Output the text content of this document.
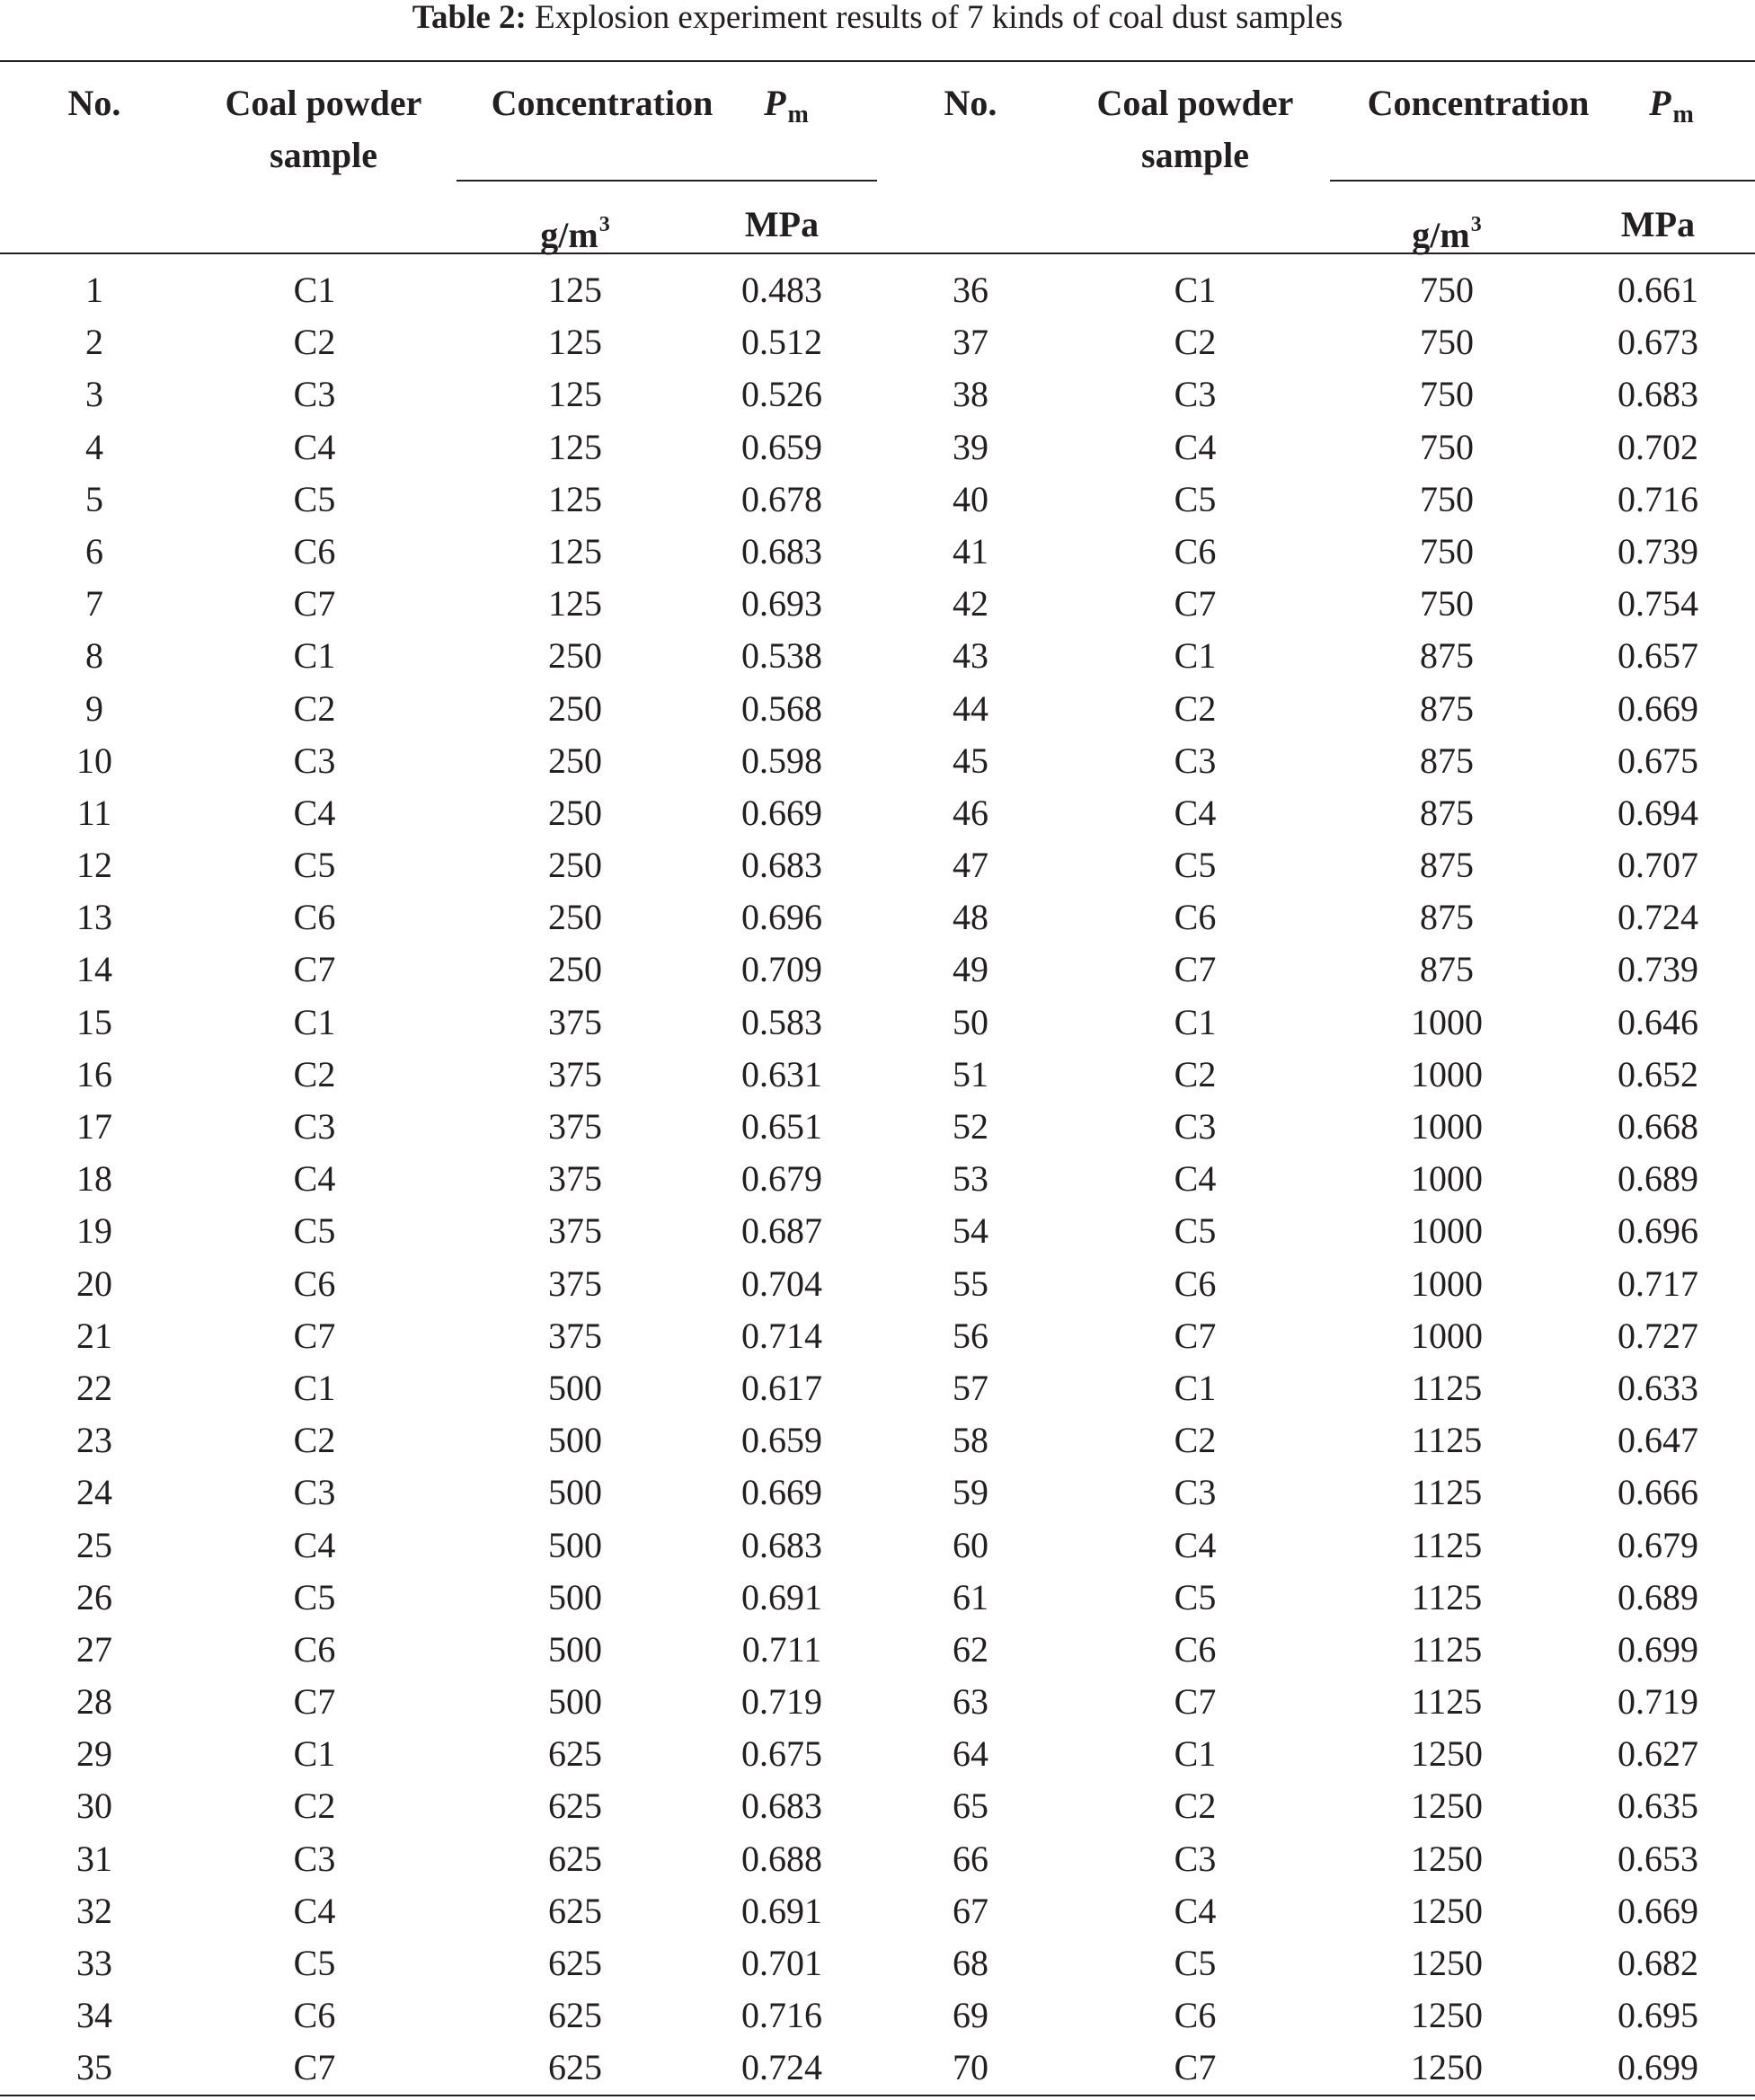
Table 2: Explosion experiment results of 7 kinds of coal dust samples
No.	Coal powder
sample
Concentration	$P_m$
$g/m^3$	MPa
No.	Coal powder
sample
Concentration	$P_m$
$g/m^3$	MPa
1	C1	125	0.483	36	C1	750	0.661
2	C2	125	0.512	37	C2	750	0.673
3	C3	125	0.526	38	C3	750	0.683
4	C4	125	0.659	39	C4	750	0.702
5	C5	125	0.678	40	C5	750	0.716
6	C6	125	0.683	41	C6	750	0.739
7	C7	125	0.693	42	C7	750	0.754
8	C1	250	0.538	43	C1	875	0.657
9	C2	250	0.568	44	C2	875	0.669
10	C3	250	0.598	45	C3	875	0.675
11	C4	250	0.669	46	C4	875	0.694
12	C5	250	0.683	47	C5	875	0.707
13	C6	250	0.696	48	C6	875	0.724
14	C7	250	0.709	49	C7	875	0.739
15	C1	375	0.583	50	C1	1000	0.646
16	C2	375	0.631	51	C2	1000	0.652
17	C3	375	0.651	52	C3	1000	0.668
18	C4	375	0.679	53	C4	1000	0.689
19	C5	375	0.687	54	C5	1000	0.696
20	C6	375	0.704	55	C6	1000	0.717
21	C7	375	0.714	56	C7	1000	0.727
22	C1	500	0.617	57	C1	1125	0.633
23	C2	500	0.659	58	C2	1125	0.647
24	C3	500	0.669	59	C3	1125	0.666
25	C4	500	0.683	60	C4	1125	0.679
26	C5	500	0.691	61	C5	1125	0.689
27	C6	500	0.711	62	C6	1125	0.699
28	C7	500	0.719	63	C7	1125	0.719
29	C1	625	0.675	64	C1	1250	0.627
30	C2	625	0.683	65	C2	1250	0.635
31	C3	625	0.688	66	C3	1250	0.653
32	C4	625	0.691	67	C4	1250	0.669
33	C5	625	0.701	68	C5	1250	0.682
34	C6	625	0.716	69	C6	1250	0.695
35	C7	625	0.724	70	C7	1250	0.699
